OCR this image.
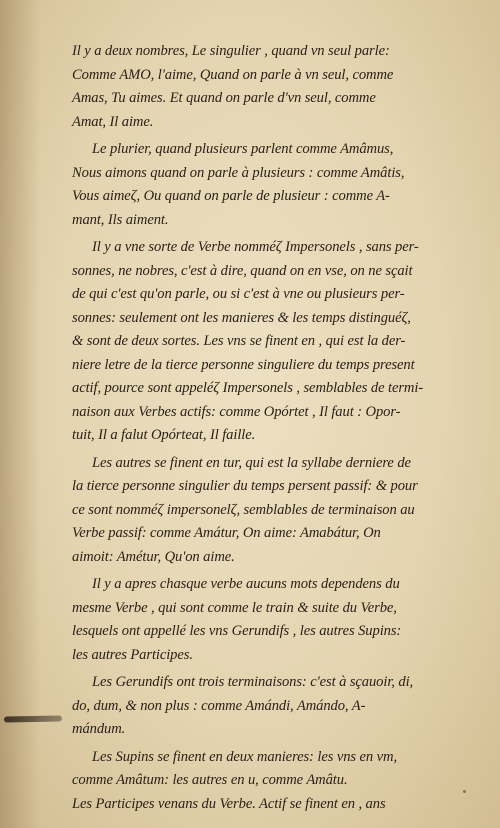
Il y a deux nombres, Le singulier , quand vn seul parle:
Comme AMO, l'aime, Quand on parle à vn seul, comme
Amas, Tu aimes. Et quand on parle d'vn seul, comme
Amat, Il aime.
Le plurier, quand plusieurs parlent comme Amâmus,
Nous aimons quand on parle à plusieurs : comme Amâtis,
Vous aimeζ, Ou quand on parle de plusieur : comme A-
mant, Ils aiment.
Il y a vne sorte de Verbe nomméζ Impersonels , sans per-
sonnes, ne nobres, c'est à dire, quand on en vse, on ne sçait
de qui c'est qu'on parle, ou si c'est à vne ou plusieurs per-
sonnes: seulement ont les manieres & les temps distinguéζ,
& sont de deux sortes. Les vns se finent en , qui est la der-
niere letre de la tierce personne singuliere du temps present
actif, pource sont appeléζ Impersonels , semblables de termi-
naison aux Verbes actifs: comme Opórtet , Il faut : Opor-
tuit, Il a falut Opórteat, Il faille.
Les autres se finent en tur, qui est la syllabe derniere de
la tierce personne singulier du temps persent passif: & pour
ce sont nomméζ impersonelζ, semblables de terminaison au
Verbe passif: comme Amátur, On aime: Amabátur, On
aimoit: Amétur, Qu'on aime.
Il y a apres chasque verbe aucuns mots dependens du
mesme Verbe , qui sont comme le train & suite du Verbe,
lesquels ont appellé les vns Gerundifs , les autres Supins:
les autres Participes.
Les Gerundifs ont trois terminaisons: c'est à sçauoir, di,
do, dum, & non plus : comme Amándi, Amándo, A-
mándum.
Les Supins se finent en deux manieres: les vns en vm,
comme Amâtum: les autres en u, comme Amâtu.
Les Participes venans du Verbe. Actif se finent en , ans
